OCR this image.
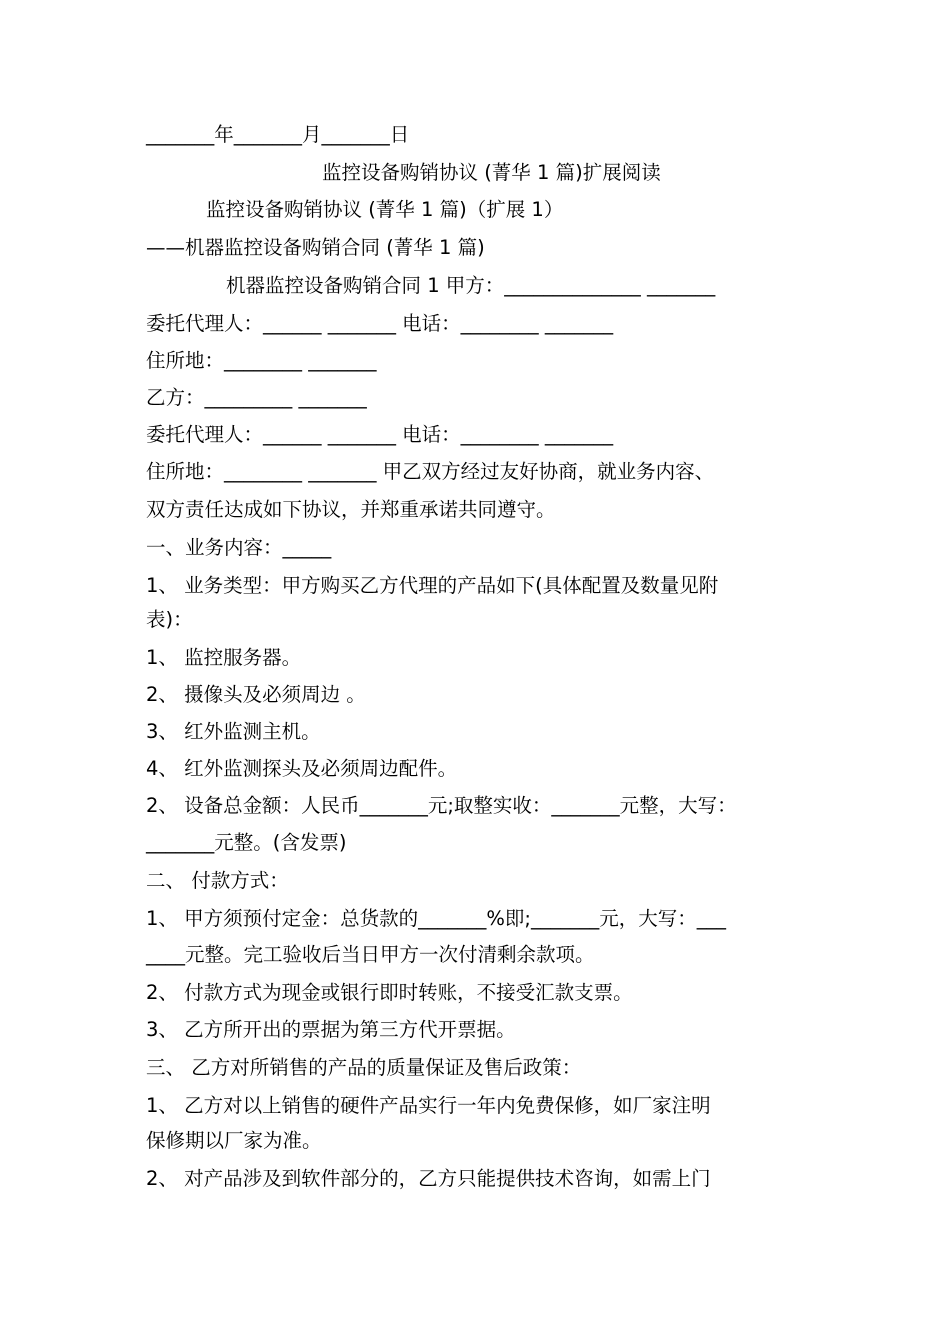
_______年_______月_______日
监控设备购销协议 (菁华 1 篇)扩展阅读
监控设备购销协议 (菁华 1 篇)（扩展 1）
——机器监控设备购销合同 (菁华 1 篇)
机器监控设备购销合同 1 甲方：______________ _______
委托代理人：______ _______ 电话：________ _______
住所地：________ _______
乙方：_________ _______
委托代理人：______ _______ 电话：________ _______
住所地：________ _______ 甲乙双方经过友好协商，就业务内容、
双方责任达成如下协议，并郑重承诺共同遵守。
一、业务内容：_____
1、 业务类型：甲方购买乙方代理的产品如下(具体配置及数量见附
表)：
1、 监控服务器。
2、 摄像头及必须周边 。
3、 红外监测主机。
4、 红外监测探头及必须周边配件。
2、 设备总金额：人民币_______元;取整实收：_______元整，大写：
_______元整。(含发票)
二、 付款方式：
1、 甲方须预付定金：总货款的_______%即;_______元，大写：___
____元整。完工验收后当日甲方一次付清剩余款项。
2、 付款方式为现金或银行即时转账，不接受汇款支票。
3、 乙方所开出的票据为第三方代开票据。
三、 乙方对所销售的产品的质量保证及售后政策：
1、 乙方对以上销售的硬件产品实行一年内免费保修，如厂家注明
保修期以厂家为准。
2、 对产品涉及到软件部分的，乙方只能提供技术咨询，如需上门
